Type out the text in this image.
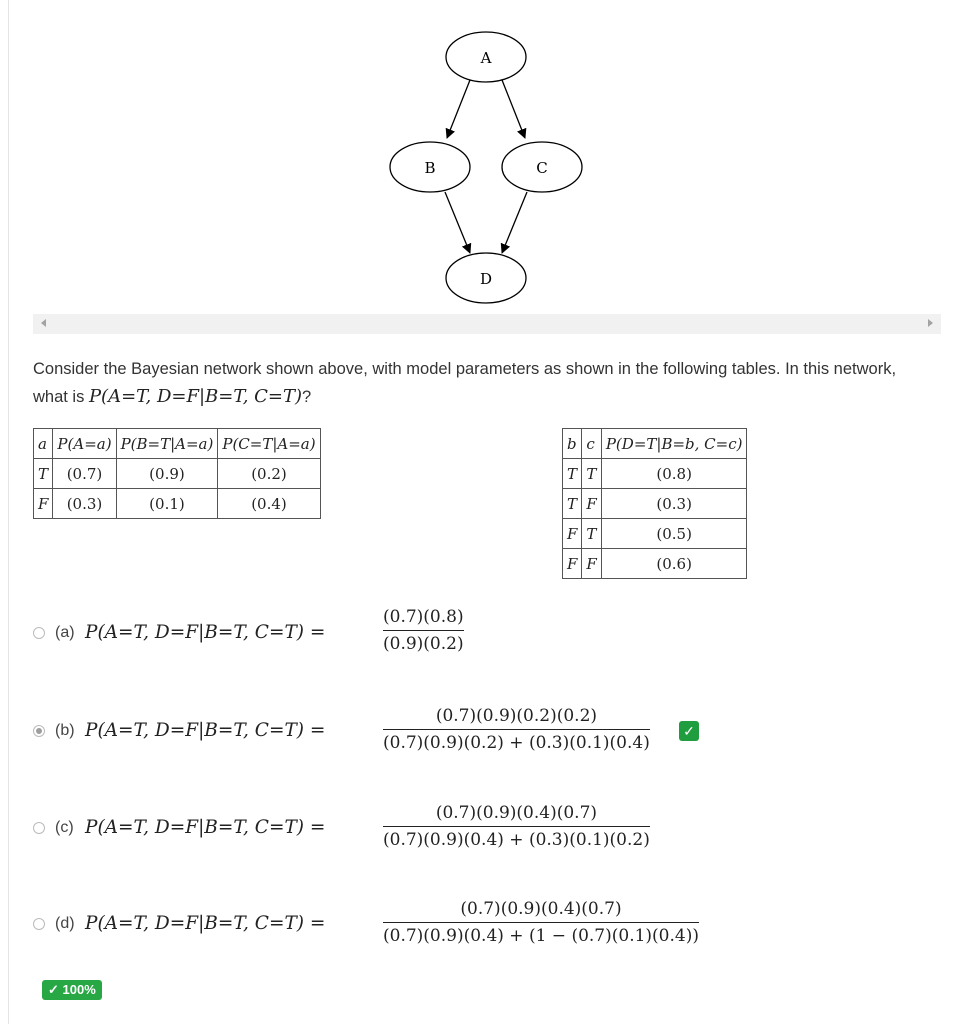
A
B	C
D
Consider the Bayesian network shown above, with model parameters as shown in the following tables. In this network, what is P(A=T, D=F|B=T, C=T)?
a	P(A=a)	P(B=T|A=a)	P(C=T|A=a)
T	(0.7)	(0.9)	(0.2)
F	(0.3)	(0.1)	(0.4)
b	c	P(D=T|B=b, C=c)
T	T	(0.8)
T	F	(0.3)
F	T	(0.5)
F	F	(0.6)
(a) P(A=T, D=F|B=T, C=T) =
(0.7)(0.8)
(0.9)(0.2)
(b) P(A=T, D=F|B=T, C=T) =
(0.7)(0.9)(0.2)(0.2)
(0.7)(0.9)(0.2) + (0.3)(0.1)(0.4)
✓
(c) P(A=T, D=F|B=T, C=T) =
(0.7)(0.9)(0.4)(0.7)
(0.7)(0.9)(0.4) + (0.3)(0.1)(0.2)
(d) P(A=T, D=F|B=T, C=T) =
(0.7)(0.9)(0.4)(0.7)
(0.7)(0.9)(0.4) + (1 − (0.7)(0.1)(0.4))
✓ 100%
